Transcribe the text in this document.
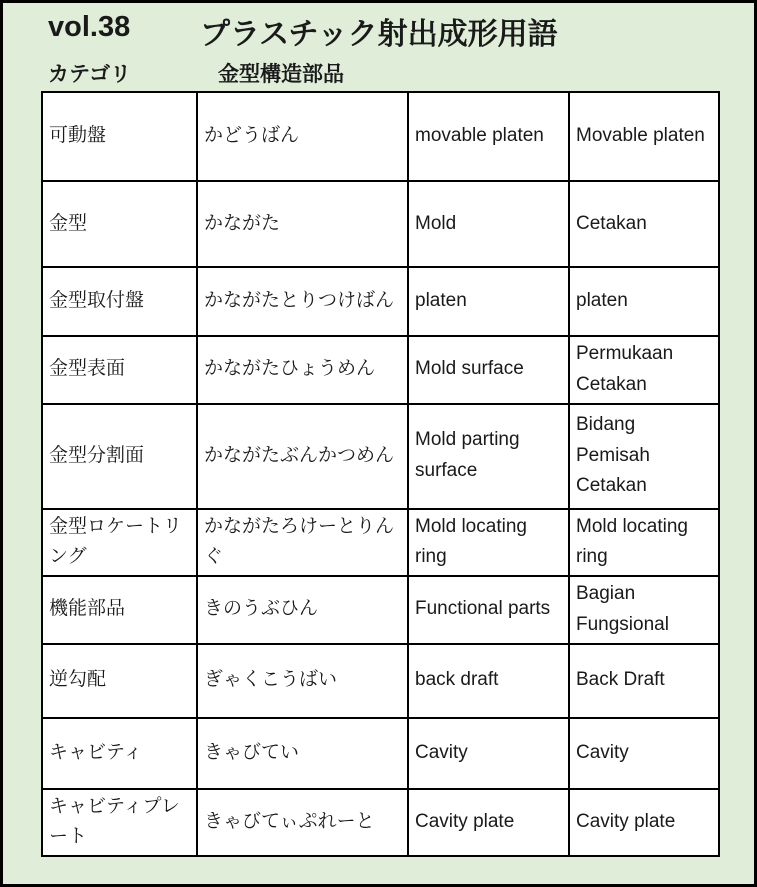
vol.38 プラスチック射出成形用語
カテゴリ	金型構造部品
可動盤	かどうばん	movable platen	Movable platen
金型	かながた	Mold	Cetakan
金型取付盤	かながたとりつけばん	platen	platen
金型表面	かながたひょうめん	Mold surface	Permukaan Cetakan
金型分割面	かながたぶんかつめん	Mold parting surface	Bidang Pemisah Cetakan
金型ロケートリング	かながたろけーとりんぐ	Mold locating ring	Mold locating ring
機能部品	きのうぶひん	Functional parts	Bagian Fungsional
逆勾配	ぎゃくこうばい	back draft	Back Draft
キャビティ	きゃびてい	Cavity	Cavity
キャビティプレート	きゃびてぃぷれーと	Cavity plate	Cavity plate
